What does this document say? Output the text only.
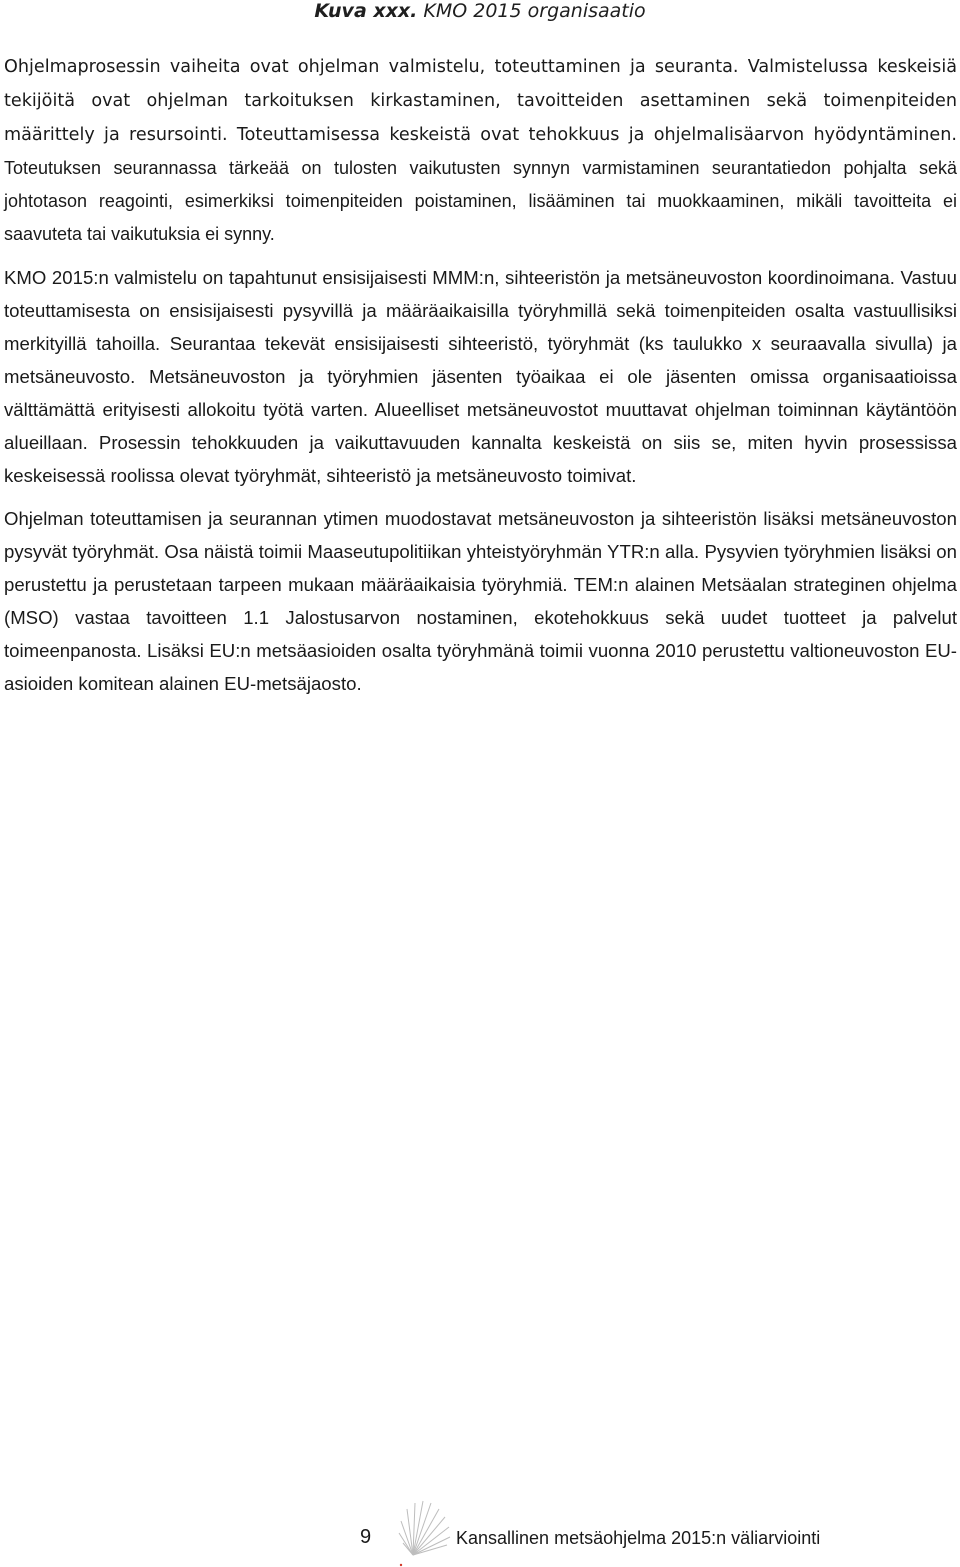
Kuva xxx. KMO 2015 organisaatio

Ohjelmaprosessin vaiheita ovat ohjelman valmistelu, toteuttaminen ja seuranta. Valmistelussa keskeisiä tekijöitä ovat ohjelman tarkoituksen kirkastaminen, tavoitteiden asettaminen sekä toimenpiteiden määrittely ja resursointi. Toteuttamisessa keskeistä ovat tehokkuus ja ohjelmalisäarvon hyödyntäminen. Toteutuksen seurannassa tärkeää on tulosten vaikutusten synnyn varmistaminen seurantatiedon pohjalta sekä johtotason reagointi, esimerkiksi toimenpiteiden poistaminen, lisääminen tai muokkaaminen, mikäli tavoitteita ei saavuteta tai vaikutuksia ei synny.

KMO 2015:n valmistelu on tapahtunut ensisijaisesti MMM:n, sihteeristön ja metsäneuvoston koordinoimana. Vastuu toteuttamisesta on ensisijaisesti pysyvillä ja määräaikaisilla työryhmillä sekä toimenpiteiden osalta vastuullisiksi merkityillä tahoilla. Seurantaa tekevät ensisijaisesti sihteeristö, työryhmät (ks taulukko x seuraavalla sivulla) ja metsäneuvosto. Metsäneuvoston ja työryhmien jäsenten työaikaa ei ole jäsenten omissa organisaatioissa välttämättä erityisesti allokoitu työtä varten. Alueelliset metsäneuvostot muuttavat ohjelman toiminnan käytäntöön alueillaan. Prosessin tehokkuuden ja vaikuttavuuden kannalta keskeistä on siis se, miten hyvin prosessissa keskeisessä roolissa olevat työryhmät, sihteeristö ja metsäneuvosto toimivat.

Ohjelman toteuttamisen ja seurannan ytimen muodostavat metsäneuvoston ja sihteeristön lisäksi metsäneuvoston pysyvät työryhmät. Osa näistä toimii Maaseutupolitiikan yhteistyöryhmän YTR:n alla. Pysyvien työryhmien lisäksi on perustettu ja perustetaan tarpeen mukaan määräaikaisia työryhmiä. TEM:n alainen Metsäalan strateginen ohjelma (MSO) vastaa tavoitteen 1.1 Jalostusarvon nostaminen, ekotehokkuus sekä uudet tuotteet ja palvelut toimeenpanosta. Lisäksi EU:n metsäasioiden osalta työryhmänä toimii vuonna 2010 perustettu valtioneuvoston EU-asioiden komitean alainen EU-metsäjaosto.

9	Kansallinen metsäohjelma 2015:n väliarviointi
